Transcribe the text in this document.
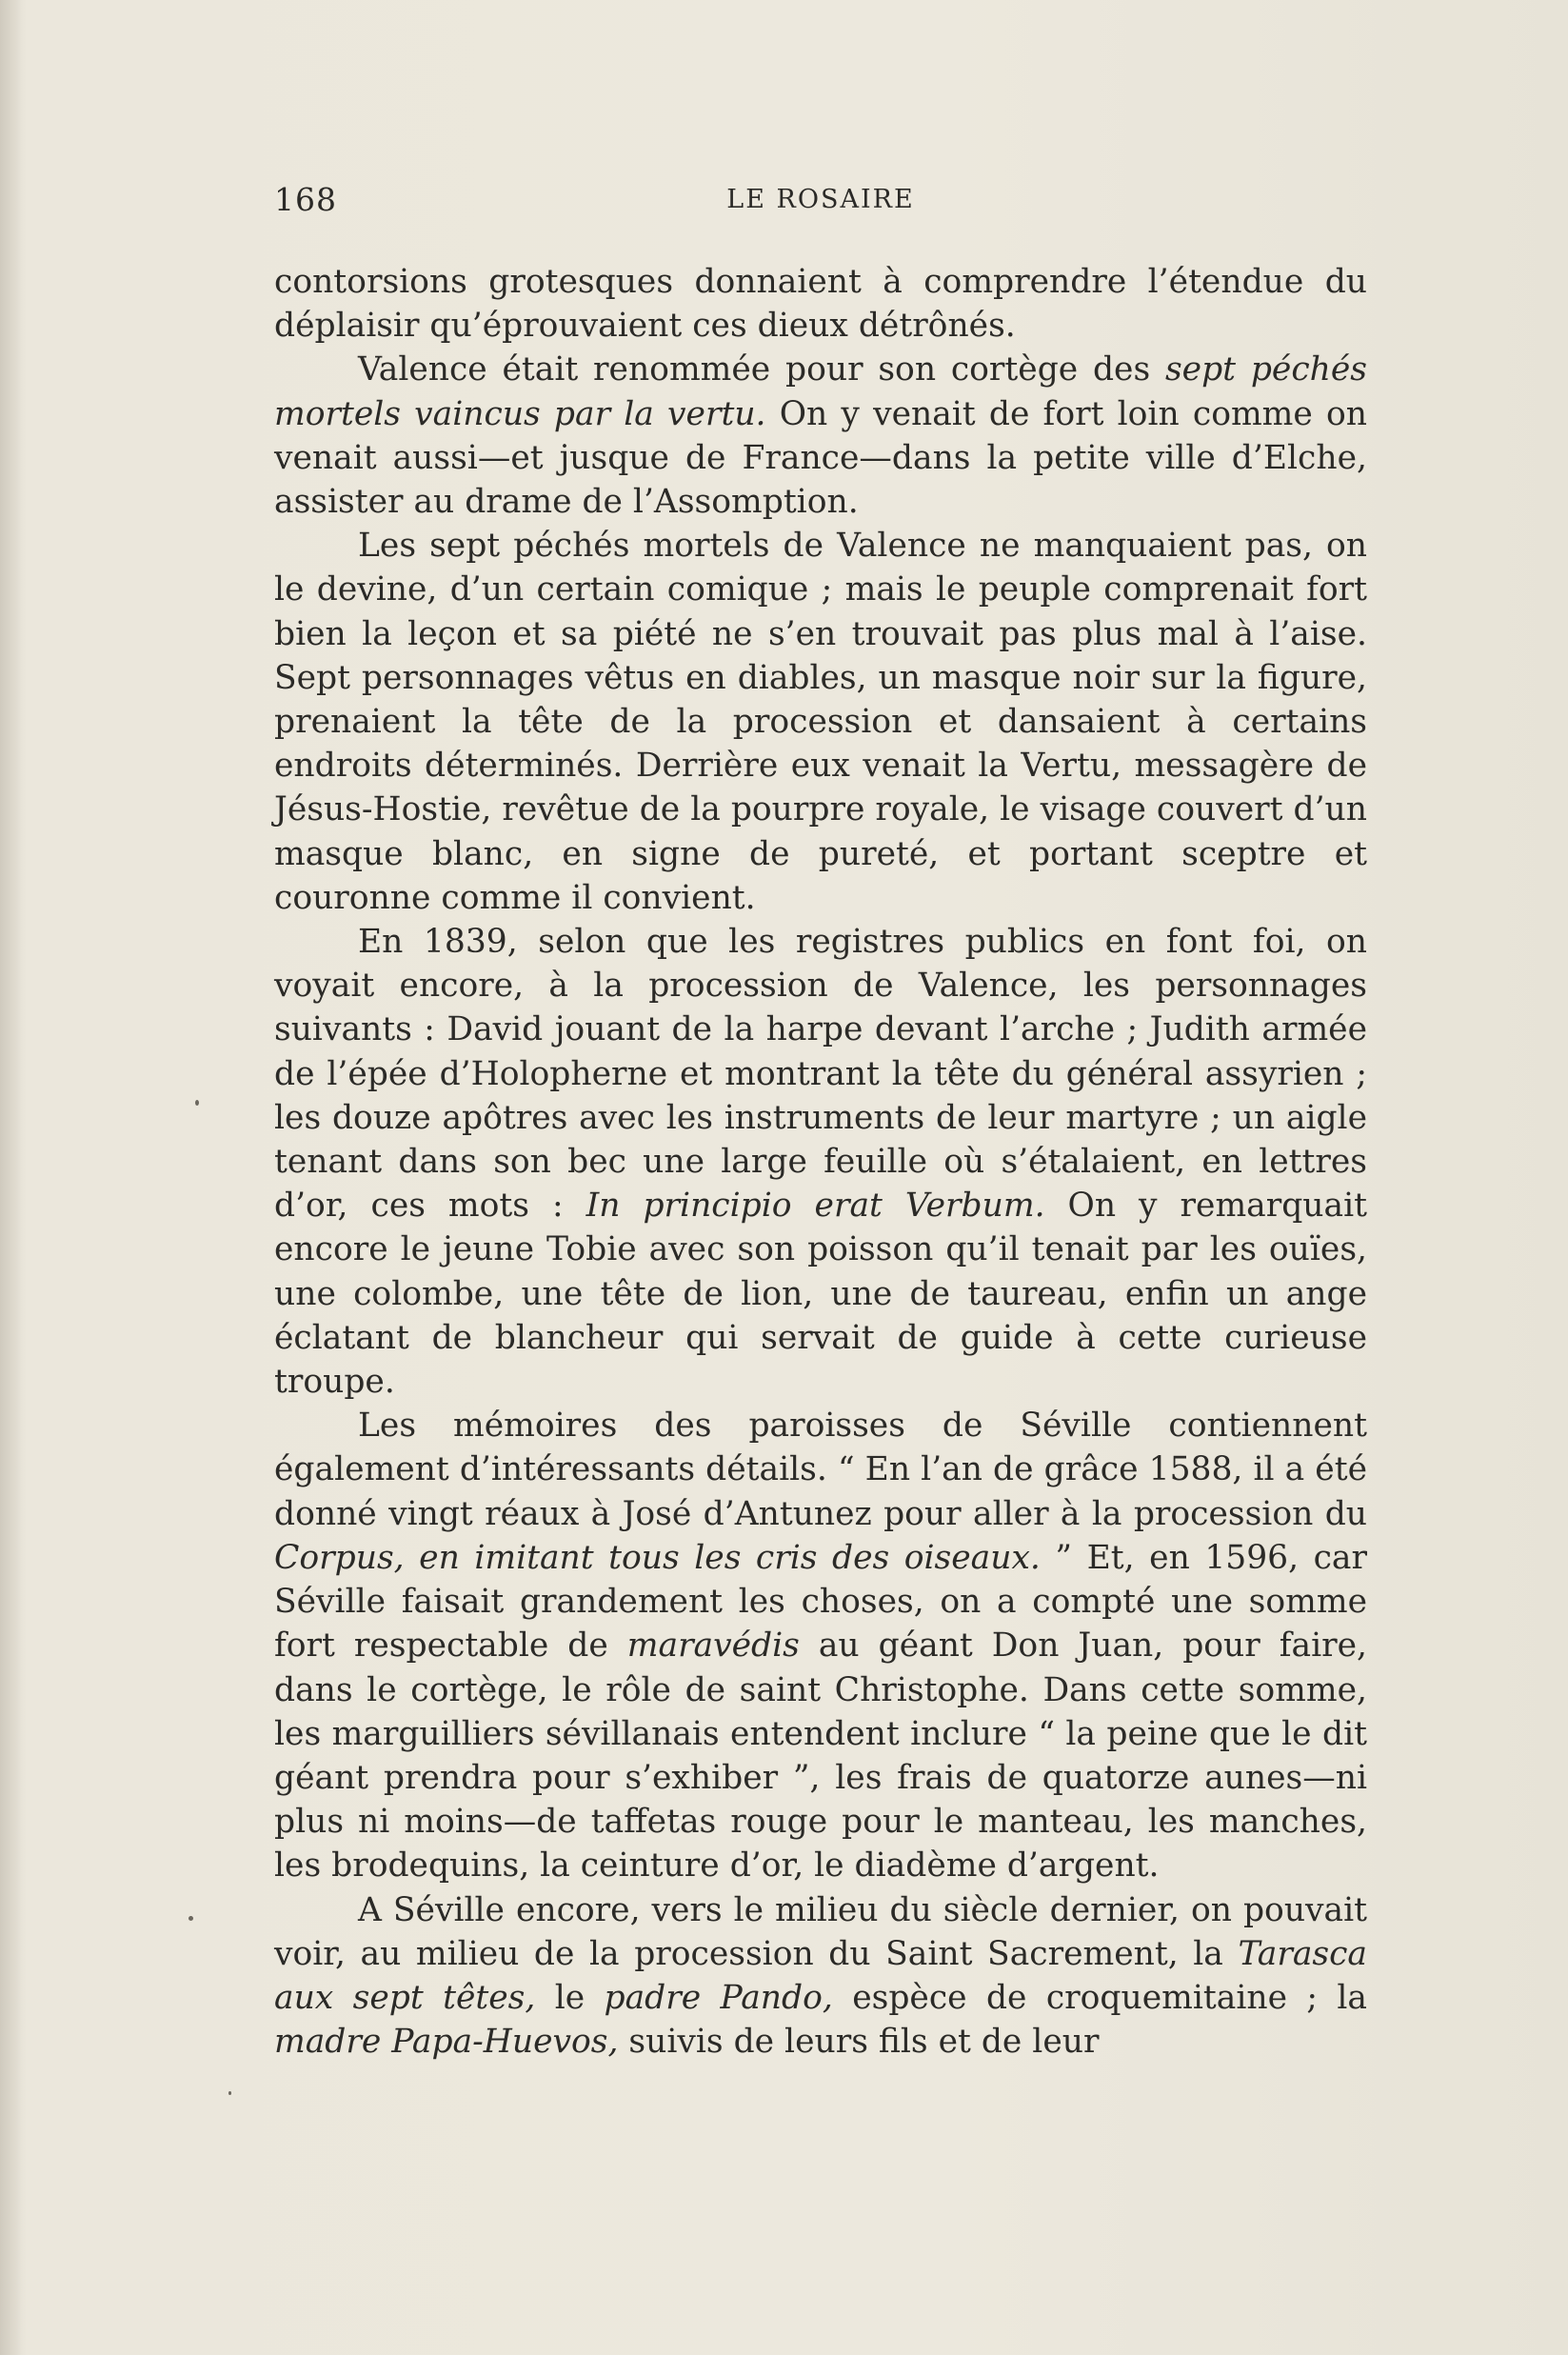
168	LE ROSAIRE

contorsions grotesques donnaient à comprendre l’étendue du déplaisir qu’éprouvaient ces dieux détrônés.

Valence était renommée pour son cortège des sept péchés mortels vaincus par la vertu. On y venait de fort loin comme on venait aussi—et jusque de France—dans la petite ville d’Elche, assister au drame de l’Assomption.

Les sept péchés mortels de Valence ne manquaient pas, on le devine, d’un certain comique ; mais le peuple comprenait fort bien la leçon et sa piété ne s’en trouvait pas plus mal à l’aise. Sept personnages vêtus en diables, un masque noir sur la figure, prenaient la tête de la procession et dansaient à certains endroits déterminés. Derrière eux venait la Vertu, messagère de Jésus-Hostie, revêtue de la pourpre royale, le visage couvert d’un masque blanc, en signe de pureté, et portant sceptre et couronne comme il convient.

En 1839, selon que les registres publics en font foi, on voyait encore, à la procession de Valence, les personnages suivants : David jouant de la harpe devant l’arche ; Judith armée de l’épée d’Holopherne et montrant la tête du général assyrien ; les douze apôtres avec les instruments de leur martyre ; un aigle tenant dans son bec une large feuille où s’étalaient, en lettres d’or, ces mots : In principio erat Verbum. On y remarquait encore le jeune Tobie avec son poisson qu’il tenait par les ouïes, une colombe, une tête de lion, une de taureau, enfin un ange éclatant de blancheur qui servait de guide à cette curieuse troupe.

Les mémoires des paroisses de Séville contiennent également d’intéressants détails. “ En l’an de grâce 1588, il a été donné vingt réaux à José d’Antunez pour aller à la procession du Corpus, en imitant tous les cris des oiseaux. ” Et, en 1596, car Séville faisait grandement les choses, on a compté une somme fort respectable de maravédis au géant Don Juan, pour faire, dans le cortège, le rôle de saint Christophe. Dans cette somme, les marguilliers sévillanais entendent inclure “ la peine que le dit géant prendra pour s’exhiber ”, les frais de quatorze aunes—ni plus ni moins—de taffetas rouge pour le manteau, les manches, les brodequins, la ceinture d’or, le diadème d’argent.

A Séville encore, vers le milieu du siècle dernier, on pouvait voir, au milieu de la procession du Saint Sacrement, la Tarasca aux sept têtes, le padre Pando, espèce de croquemitaine ; la madre Papa-Huevos, suivis de leurs fils et de leur
